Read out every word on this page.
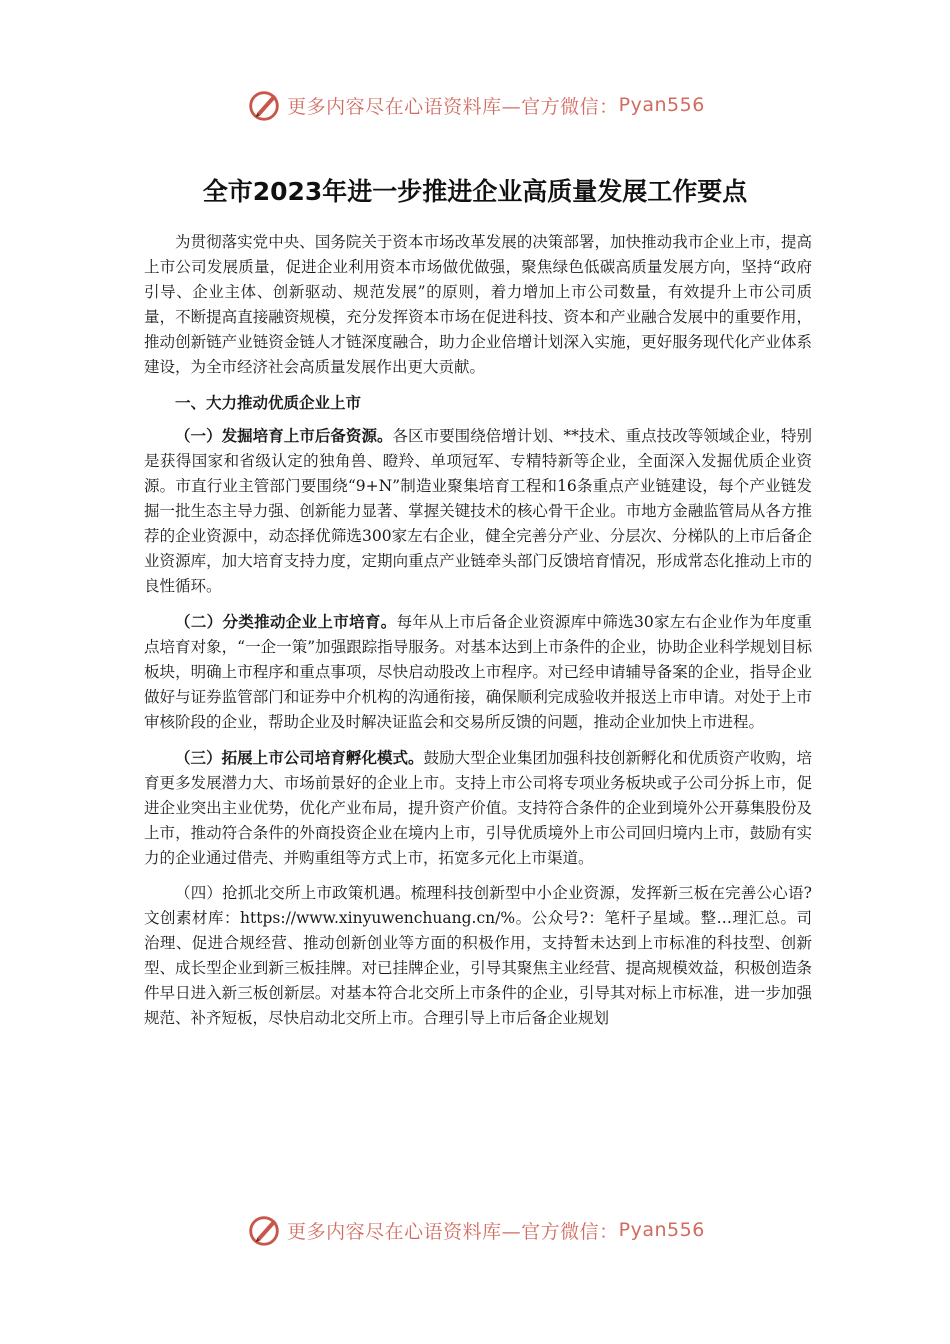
更多内容尽在心语资料库—官方微信： Pyan556
全市2023年进一步推进企业高质量发展工作要点

为贯彻落实党中央、国务院关于资本市场改革发展的决策部署，加快推动我市企业上市，提高上市公司发展质量，促进企业利用资本市场做优做强，聚焦绿色低碳高质量发展方向，坚持“政府引导、企业主体、创新驱动、规范发展”的原则，着力增加上市公司数量，有效提升上市公司质量，不断提高直接融资规模，充分发挥资本市场在促进科技、资本和产业融合发展中的重要作用，推动创新链产业链资金链人才链深度融合，助力企业倍增计划深入实施，更好服务现代化产业体系建设，为全市经济社会高质量发展作出更大贡献。

一、大力推动优质企业上市

（一）发掘培育上市后备资源。各区市要围绕倍增计划、**技术、重点技改等领域企业，特别是获得国家和省级认定的独角兽、瞪羚、单项冠军、专精特新等企业，全面深入发掘优质企业资源。市直行业主管部门要围绕“9+N”制造业聚集培育工程和16条重点产业链建设，每个产业链发掘一批生态主导力强、创新能力显著、掌握关键技术的核心骨干企业。市地方金融监管局从各方推荐的企业资源中，动态择优筛选300家左右企业，健全完善分产业、分层次、分梯队的上市后备企业资源库，加大培育支持力度，定期向重点产业链牵头部门反馈培育情况，形成常态化推动上市的良性循环。

（二）分类推动企业上市培育。每年从上市后备企业资源库中筛选30家左右企业作为年度重点培育对象，“一企一策”加强跟踪指导服务。对基本达到上市条件的企业，协助企业科学规划目标板块，明确上市程序和重点事项，尽快启动股改上市程序。对已经申请辅导备案的企业，指导企业做好与证券监管部门和证券中介机构的沟通衔接，确保顺利完成验收并报送上市申请。对处于上市审核阶段的企业，帮助企业及时解决证监会和交易所反馈的问题，推动企业加快上市进程。

（三）拓展上市公司培育孵化模式。鼓励大型企业集团加强科技创新孵化和优质资产收购，培育更多发展潜力大、市场前景好的企业上市。支持上市公司将专项业务板块或子公司分拆上市，促进企业突出主业优势，优化产业布局，提升资产价值。支持符合条件的企业到境外公开募集股份及上市，推动符合条件的外商投资企业在境内上市，引导优质境外上市公司回归境内上市，鼓励有实力的企业通过借壳、并购重组等方式上市，拓宽多元化上市渠道。

（四）抢抓北交所上市政策机遇。梳理科技创新型中小企业资源，发挥新三板在完善公心语?文创素材库：https://www.xinyuwenchuang.cn/%。公众号?：笔杆子星域。整…理汇总。司治理、促进合规经营、推动创新创业等方面的积极作用，支持暂未达到上市标准的科技型、创新型、成长型企业到新三板挂牌。对已挂牌企业，引导其聚焦主业经营、提高规模效益，积极创造条件早日进入新三板创新层。对基本符合北交所上市条件的企业，引导其对标上市标准，进一步加强规范、补齐短板，尽快启动北交所上市。合理引导上市后备企业规划

更多内容尽在心语资料库—官方微信： Pyan556
